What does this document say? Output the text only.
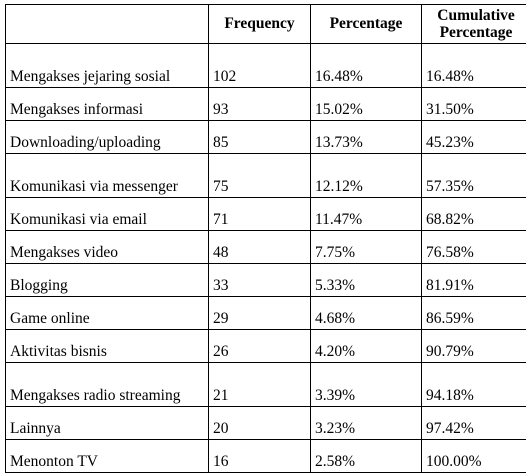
	Frequency	Percentage	Cumulative Percentage
Mengakses jejaring sosial	102	16.48%	16.48%
Mengakses informasi	93	15.02%	31.50%
Downloading/uploading	85	13.73%	45.23%
Komunikasi via messenger	75	12.12%	57.35%
Komunikasi via email	71	11.47%	68.82%
Mengakses video	48	7.75%	76.58%
Blogging	33	5.33%	81.91%
Game online	29	4.68%	86.59%
Aktivitas bisnis	26	4.20%	90.79%
Mengakses radio streaming	21	3.39%	94.18%
Lainnya	20	3.23%	97.42%
Menonton TV	16	2.58%	100.00%
